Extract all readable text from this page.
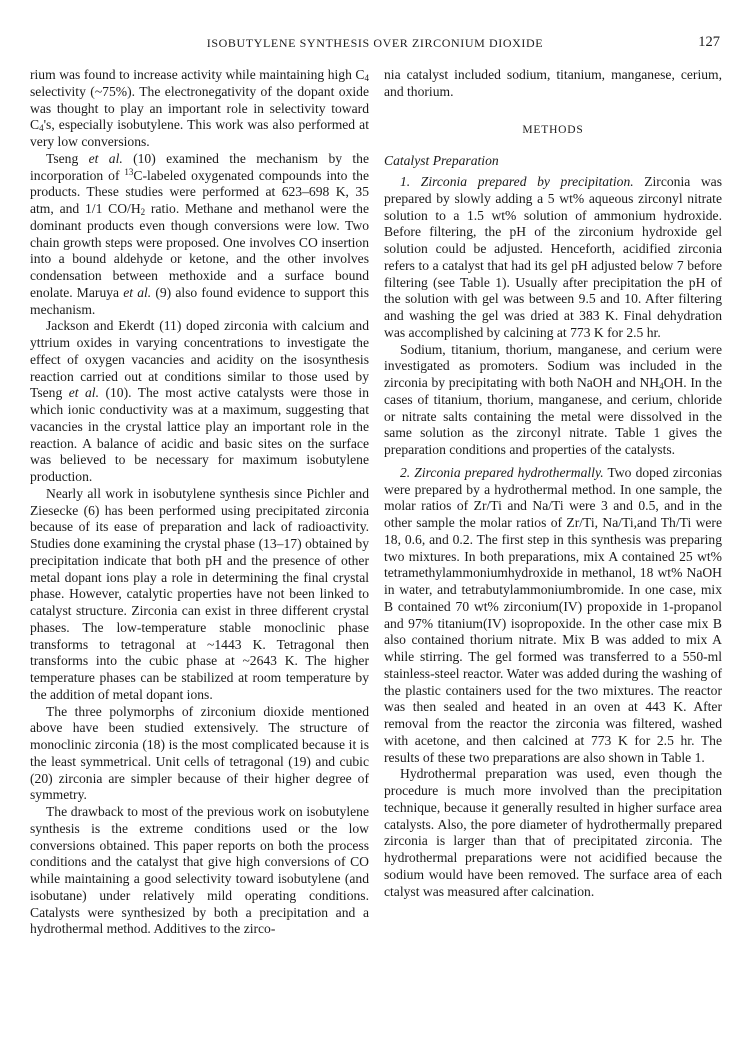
ISOBUTYLENE SYNTHESIS OVER ZIRCONIUM DIOXIDE	127

rium was found to increase activity while maintaining high $C_4$ selectivity (~75%). The electronegativity of the dopant oxide was thought to play an important role in selectivity toward $C_4's$, especially isobutylene. This work was also performed at very low conversions.

Tseng et al. (10) examined the mechanism by the incorporation of $^{13}$C-labeled oxygenated compounds into the products. These studies were performed at 623–698 K, 35 atm, and 1/1 $CO/H_2$ ratio. Methane and methanol were the dominant products even though conversions were low. Two chain growth steps were proposed. One involves CO insertion into a bound aldehyde or ketone, and the other involves condensation between methoxide and a surface bound enolate. Maruya et al. (9) also found evidence to support this mechanism.

Jackson and Ekerdt (11) doped zirconia with calcium and yttrium oxides in varying concentrations to investigate the effect of oxygen vacancies and acidity on the isosynthesis reaction carried out at conditions similar to those used by Tseng et al. (10). The most active catalysts were those in which ionic conductivity was at a maximum, suggesting that vacancies in the crystal lattice play an important role in the reaction. A balance of acidic and basic sites on the surface was believed to be necessary for maximum isobutylene production.

Nearly all work in isobutylene synthesis since Pichler and Ziesecke (6) has been performed using precipitated zirconia because of its ease of preparation and lack of radioactivity. Studies done examining the crystal phase (13–17) obtained by precipitation indicate that both pH and the presence of other metal dopant ions play a role in determining the final crystal phase. However, catalytic properties have not been linked to catalyst structure. Zirconia can exist in three different crystal phases. The low-temperature stable monoclinic phase transforms to tetragonal at ~1443 K. Tetragonal then transforms into the cubic phase at ~2643 K. The higher temperature phases can be stabilized at room temperature by the addition of metal dopant ions.

The three polymorphs of zirconium dioxide mentioned above have been studied extensively. The structure of monoclinic zirconia (18) is the most complicated because it is the least symmetrical. Unit cells of tetragonal (19) and cubic (20) zirconia are simpler because of their higher degree of symmetry.

The drawback to most of the previous work on isobutylene synthesis is the extreme conditions used or the low conversions obtained. This paper reports on both the process conditions and the catalyst that give high conversions of CO while maintaining a good selectivity toward isobutylene (and isobutane) under relatively mild operating conditions. Catalysts were synthesized by both a precipitation and a hydrothermal method. Additives to the zirco-

nia catalyst included sodium, titanium, manganese, cerium, and thorium.

METHODS
Catalyst Preparation

1. Zirconia prepared by precipitation. Zirconia was prepared by slowly adding a 5 wt% aqueous zirconyl nitrate solution to a 1.5 wt% solution of ammonium hydroxide. Before filtering, the pH of the zirconium hydroxide gel solution could be adjusted. Henceforth, acidified zirconia refers to a catalyst that had its gel pH adjusted below 7 before filtering (see Table 1). Usually after precipitation the pH of the solution with gel was between 9.5 and 10. After filtering and washing the gel was dried at 383 K. Final dehydration was accomplished by calcining at 773 K for 2.5 hr.

Sodium, titanium, thorium, manganese, and cerium were investigated as promoters. Sodium was included in the zirconia by precipitating with both NaOH and $NH_4OH$. In the cases of titanium, thorium, manganese, and cerium, chloride or nitrate salts containing the metal were dissolved in the same solution as the zirconyl nitrate. Table 1 gives the preparation conditions and properties of the catalysts.

2. Zirconia prepared hydrothermally. Two doped zirconias were prepared by a hydrothermal method. In one sample, the molar ratios of Zr/Ti and Na/Ti were 3 and 0.5, and in the other sample the molar ratios of Zr/Ti, Na/Ti,and Th/Ti were 18, 0.6, and 0.2. The first step in this synthesis was preparing two mixtures. In both preparations, mix A contained 25 wt% tetramethylammoniumhydroxide in methanol, 18 wt% NaOH in water, and tetrabutylammoniumbromide. In one case, mix B contained 70 wt% zirconium(IV) propoxide in 1-propanol and 97% titanium(IV) isopropoxide. In the other case mix B also contained thorium nitrate. Mix B was added to mix A while stirring. The gel formed was transferred to a 550-ml stainless-steel reactor. Water was added during the washing of the plastic containers used for the two mixtures. The reactor was then sealed and heated in an oven at 443 K. After removal from the reactor the zirconia was filtered, washed with acetone, and then calcined at 773 K for 2.5 hr. The results of these two preparations are also shown in Table 1.

Hydrothermal preparation was used, even though the procedure is much more involved than the precipitation technique, because it generally resulted in higher surface area catalysts. Also, the pore diameter of hydrothermally prepared zirconia is larger than that of precipitated zirconia. The hydrothermal preparations were not acidified because the sodium would have been removed. The surface area of each ctalyst was measured after calcination.
